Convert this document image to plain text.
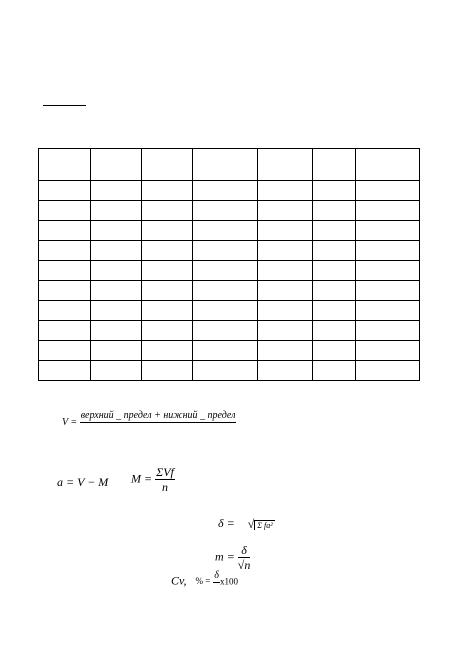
V =
верхний _ предел + нижний _ предел
a = V − M $M = \frac{\text{ΣVf}}{n}$
δ = √ Σ fa²
$m = \frac{\delta}{√n}$
Cv, % =
δ

x100
